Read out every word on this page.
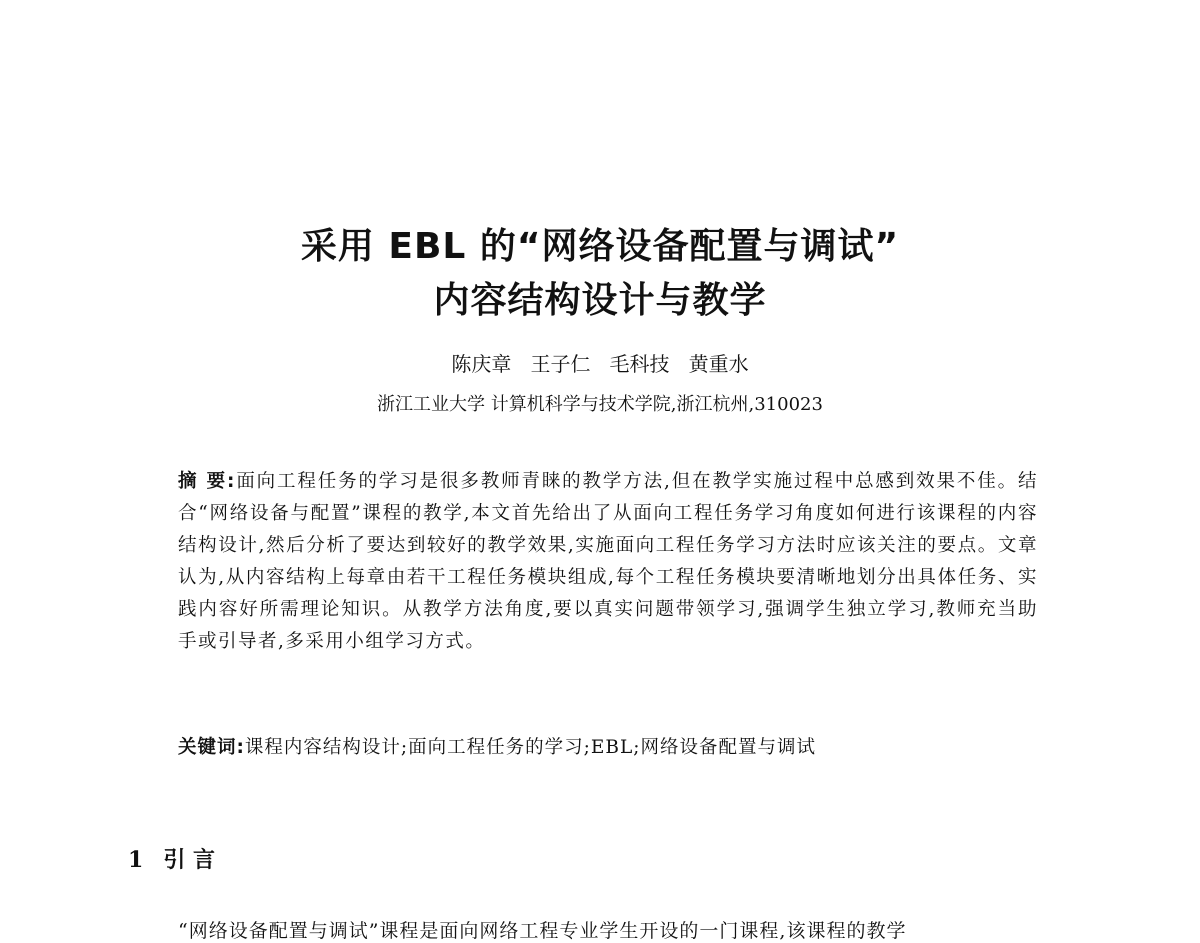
采用 EBL 的“网络设备配置与调试”
内容结构设计与教学
陈庆章   王子仁   毛科技   黄重水
浙江工业大学 计算机科学与技术学院,浙江杭州,310023
摘 要:面向工程任务的学习是很多教师青睐的教学方法,但在教学实施过程中总感到效果不佳。结合“网络设备与配置”课程的教学,本文首先给出了从面向工程任务学习角度如何进行该课程的内容结构设计,然后分析了要达到较好的教学效果,实施面向工程任务学习方法时应该关注的要点。文章认为,从内容结构上每章由若干工程任务模块组成,每个工程任务模块要清晰地划分出具体任务、实践内容好所需理论知识。从教学方法角度,要以真实问题带领学习,强调学生独立学习,教师充当助手或引导者,多采用小组学习方式。
关键词:课程内容结构设计;面向工程任务的学习;EBL;网络设备配置与调试
1 引 言
“网络设备配置与调试”课程是面向网络工程专业学生开设的一门课程,该课程的教学
